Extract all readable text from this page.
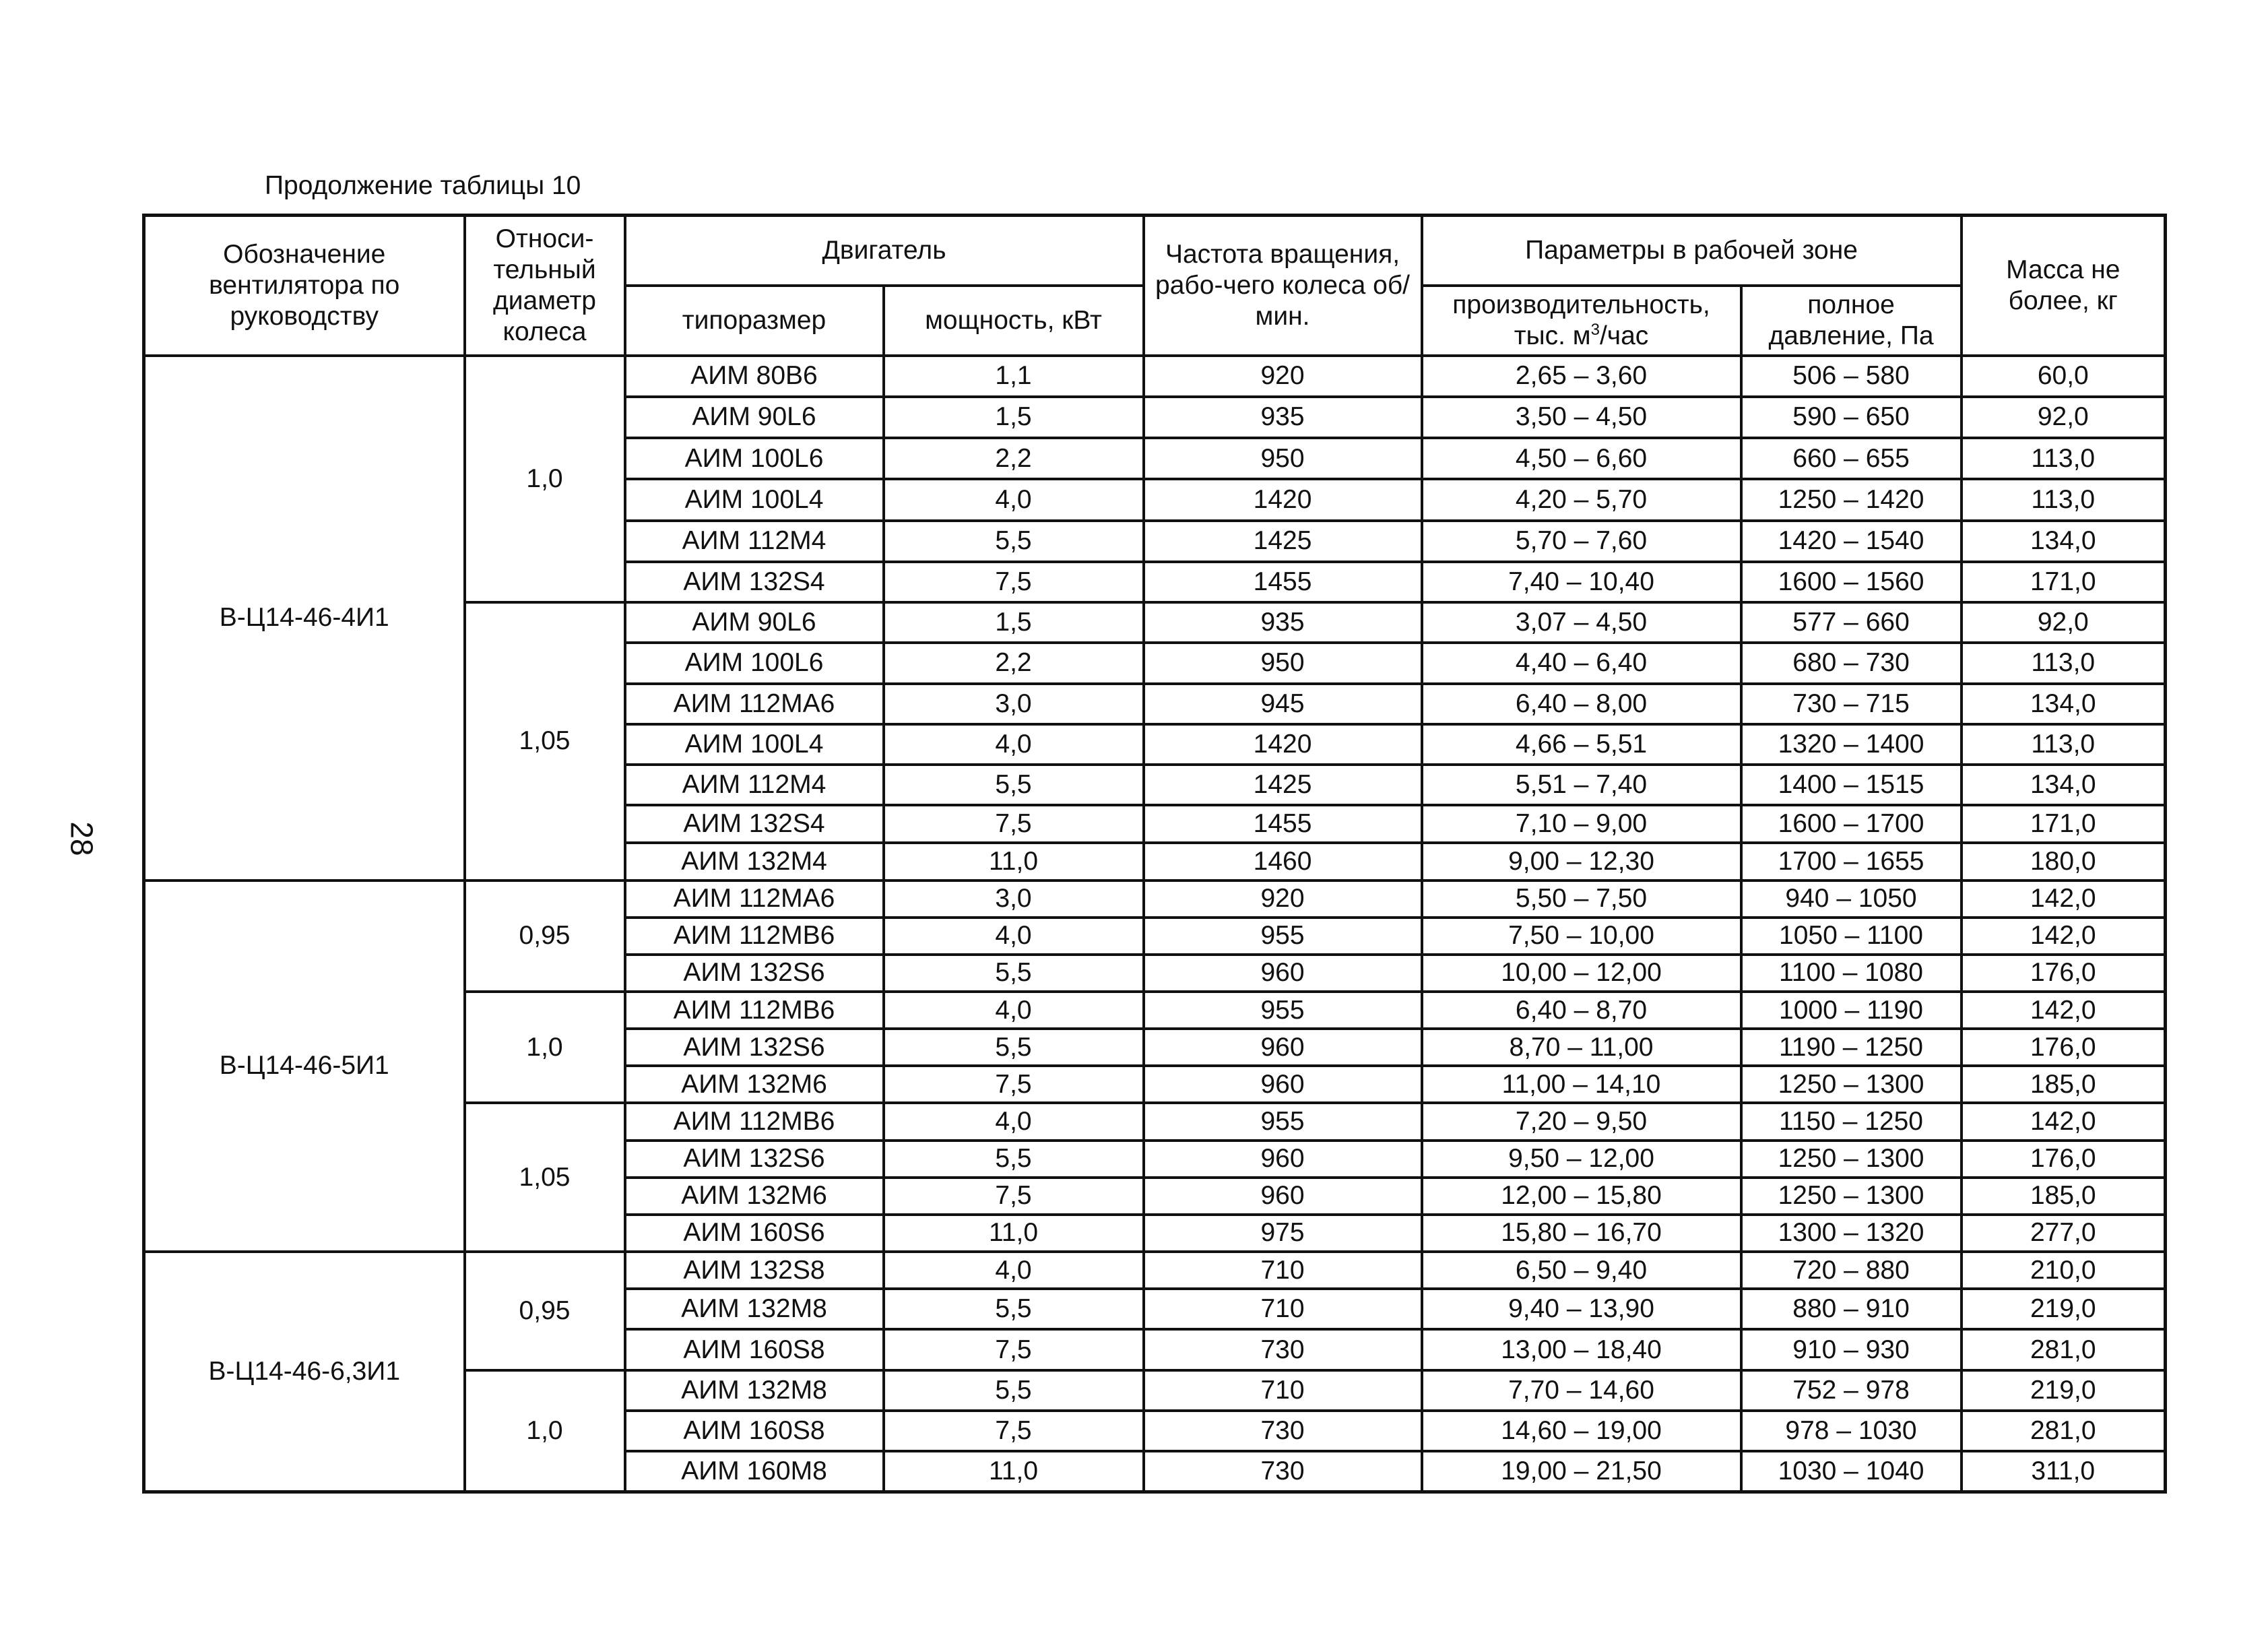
Продолжение таблицы 10
28
Обозначение вентилятора по руководству	Относи-тельный диаметр колеса	Двигатель		Частота вращения, рабо-чего колеса об/мин.	Параметры в рабочей зоне		Масса не более, кг
		типоразмер	мощность, кВт		производительность, тыс. $м^3$/час	полное давление, Па	
В-Ц14-46-4И1	1,0	АИМ 80В6	1,1	920	2,65 – 3,60	506 – 580	60,0
		АИМ 90L6	1,5	935	3,50 – 4,50	590 – 650	92,0
		АИМ 100L6	2,2	950	4,50 – 6,60	660 – 655	113,0
		АИМ 100L4	4,0	1420	4,20 – 5,70	1250 – 1420	113,0
		АИМ 112М4	5,5	1425	5,70 – 7,60	1420 – 1540	134,0
		АИМ 132S4	7,5	1455	7,40 – 10,40	1600 – 1560	171,0
	1,05	АИМ 90L6	1,5	935	3,07 – 4,50	577 – 660	92,0
		АИМ 100L6	2,2	950	4,40 – 6,40	680 – 730	113,0
		АИМ 112МА6	3,0	945	6,40 – 8,00	730 – 715	134,0
		АИМ 100L4	4,0	1420	4,66 – 5,51	1320 – 1400	113,0
		АИМ 112М4	5,5	1425	5,51 – 7,40	1400 – 1515	134,0
		АИМ 132S4	7,5	1455	7,10 – 9,00	1600 – 1700	171,0
		АИМ 132М4	11,0	1460	9,00 – 12,30	1700 – 1655	180,0
В-Ц14-46-5И1	0,95	АИМ 112МА6	3,0	920	5,50 – 7,50	940 – 1050	142,0
		АИМ 112МВ6	4,0	955	7,50 – 10,00	1050 – 1100	142,0
		АИМ 132S6	5,5	960	10,00 – 12,00	1100 – 1080	176,0
	1,0	АИМ 112МВ6	4,0	955	6,40 – 8,70	1000 – 1190	142,0
		АИМ 132S6	5,5	960	8,70 – 11,00	1190 – 1250	176,0
		АИМ 132М6	7,5	960	11,00 – 14,10	1250 – 1300	185,0
	1,05	АИМ 112МВ6	4,0	955	7,20 – 9,50	1150 – 1250	142,0
		АИМ 132S6	5,5	960	9,50 – 12,00	1250 – 1300	176,0
		АИМ 132М6	7,5	960	12,00 – 15,80	1250 – 1300	185,0
		АИМ 160S6	11,0	975	15,80 – 16,70	1300 – 1320	277,0
В-Ц14-46-6,3И1	0,95	АИМ 132S8	4,0	710	6,50 – 9,40	720 – 880	210,0
		АИМ 132М8	5,5	710	9,40 – 13,90	880 – 910	219,0
		АИМ 160S8	7,5	730	13,00 – 18,40	910 – 930	281,0
	1,0	АИМ 132М8	5,5	710	7,70 – 14,60	752 – 978	219,0
		АИМ 160S8	7,5	730	14,60 – 19,00	978 – 1030	281,0
		АИМ 160М8	11,0	730	19,00 – 21,50	1030 – 1040	311,0
